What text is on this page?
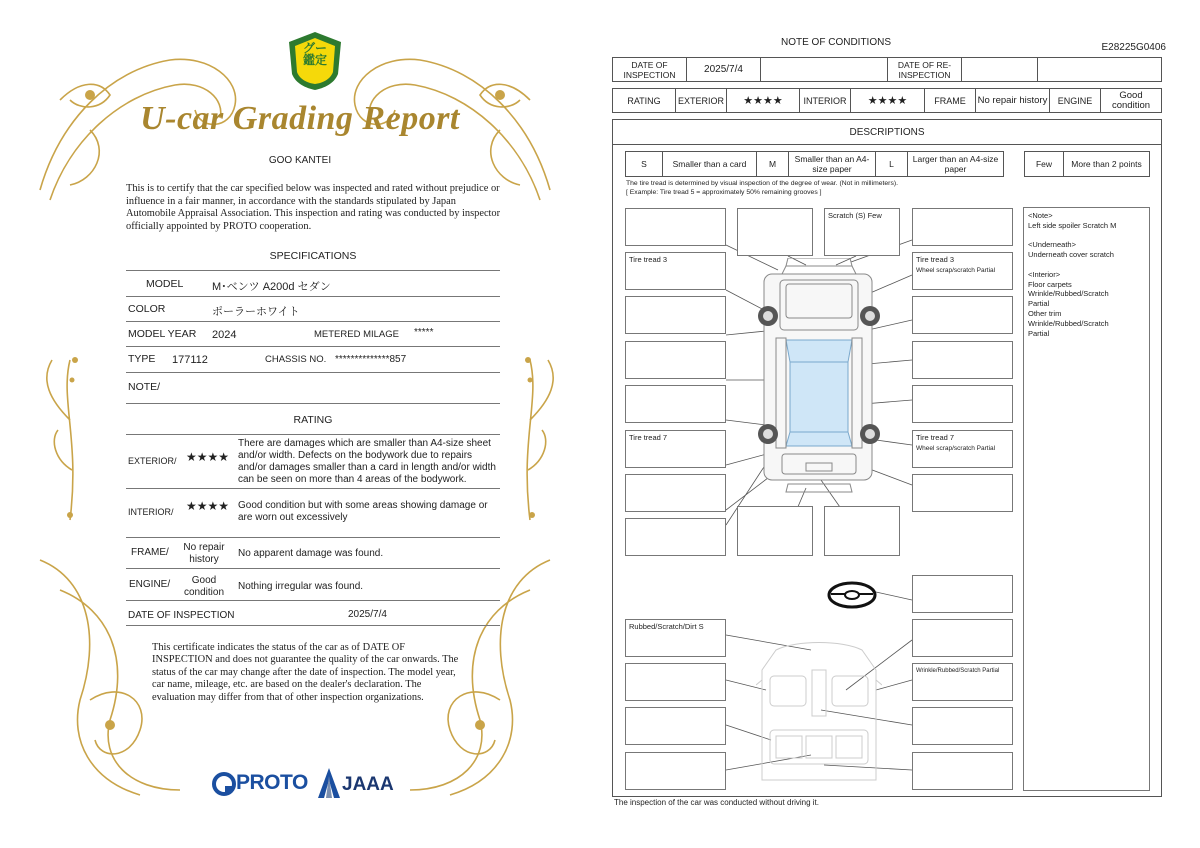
グー
鑑定
U-car Grading Report
GOO KANTEI
This is to certify that the car specified below was inspected and rated without prejudice or influence in a fair manner, in accordance with the standards stipulated by Japan Automobile Appraisal Association. This inspection and rating was conducted by inspector officially appointed by PROTO cooperation.
SPECIFICATIONS
MODEL	M･ベンツ A200d セダン
COLOR	ポーラーホワイト
MODEL YEAR 2024	METERED MILAGE *****
TYPE 177112	CHASSIS NO. **************857
NOTE/
RATING
EXTERIOR/ ★★★★
There are damages which are smaller than A4-size sheet and/or width. Defects on the bodywork due to repairs and/or damages smaller than a card in length and/or width can be seen on more than 4 areas of the bodywork.
INTERIOR/ ★★★★ Good condition but with some areas showing damage or are worn out excessively
FRAME/	No repair history
No apparent damage was found.
ENGINE/	Good condition
Nothing irregular was found.
DATE OF INSPECTION	2025/7/4
This certificate indicates the status of the car as of DATE OF INSPECTION and does not guarantee the quality of the car onwards. The status of the car may change after the date of inspection. The model year, car name, mileage, etc. are based on the dealer's declaration. The evaluation may differ from that of other inspection organizations.
PROTO JAAA
NOTE OF CONDITIONS	E28225G0406
DATE OF INSPECTION	2025/7/4	DATE OF RE-INSPECTION
RATING	EXTERIOR	★★★★	INTERIOR	★★★★	FRAME	No repair history	ENGINE	Good condition
DESCRIPTIONS
S	Smaller than a card	M	Smaller than an A4-size paper	L	Larger than an A4-size paper	Few	More than 2 points
The tire tread is determined by visual inspection of the degree of wear. (Not in millimeters).
[ Example: Tire tread 5 = approximately 50% remaining grooves ]
Tire tread 3
Tire tread 7
Scratch (S) Few
Tire tread 3
Wheel scrap/scratch Partial
Tire tread 7
Wheel scrap/scratch Partial
Rubbed/Scratch/Dirt S
Wrinkle/Rubbed/Scratch Partial
<Note>
Left side spoiler Scratch M
<Underneath>
Underneath cover scratch
<Interior>
Floor carpets
Wrinkle/Rubbed/Scratch
Partial
Other trim
Wrinkle/Rubbed/Scratch
Partial
The inspection of the car was conducted without driving it.
